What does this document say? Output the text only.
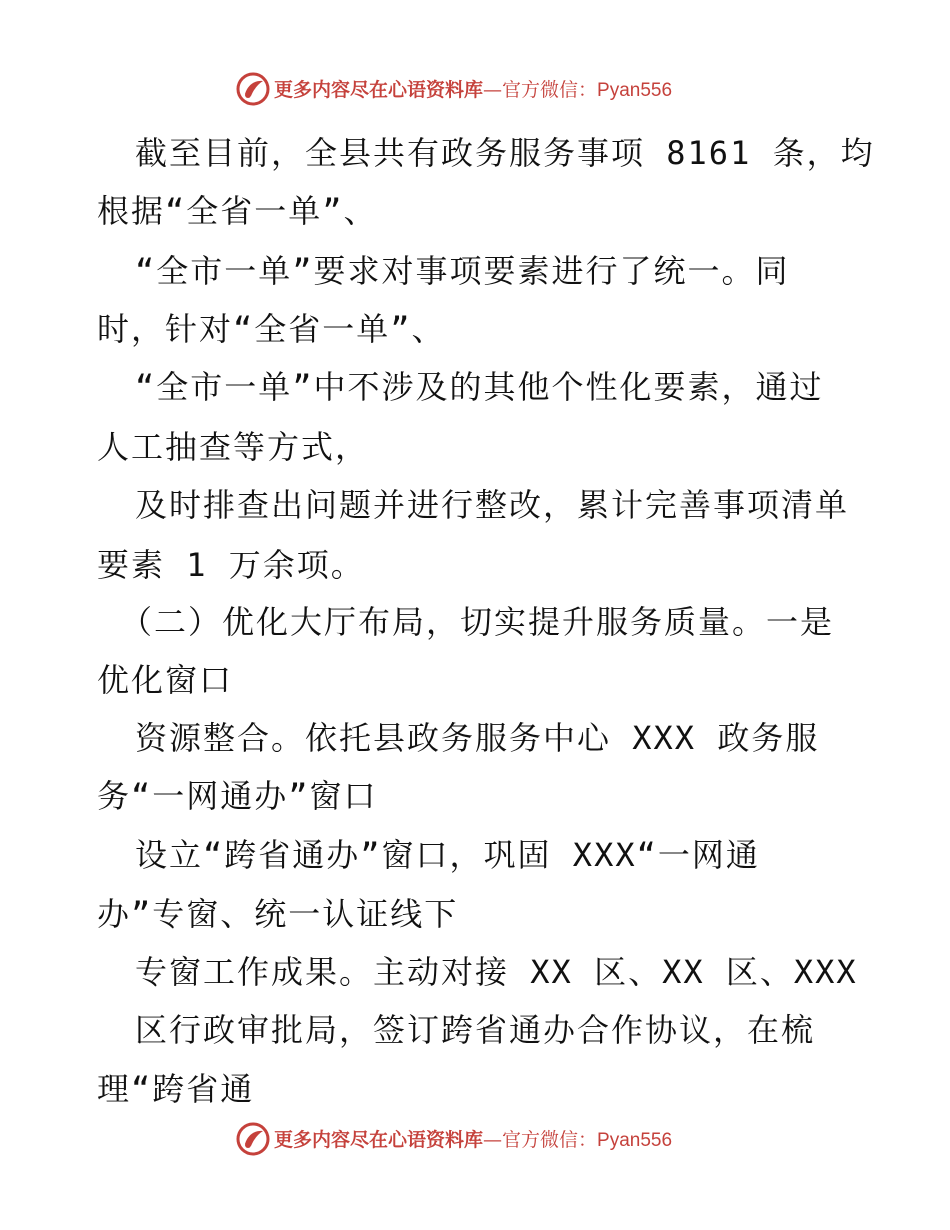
更多内容尽在心语资料库—官方微信：Pyan556

截至目前，全县共有政务服务事项 8161 条，均

根据“全省一单”、

“全市一单”要求对事项要素进行了统一。同

时，针对“全省一单”、

“全市一单”中不涉及的其他个性化要素，通过

人工抽查等方式，

及时排查出问题并进行整改，累计完善事项清单

要素 1 万余项。

（二）优化大厅布局，切实提升服务质量。一是

优化窗口

资源整合。依托县政务服务中心 XXX 政务服

务“一网通办”窗口

设立“跨省通办”窗口，巩固 XXX“一网通

办”专窗、统一认证线下

专窗工作成果。主动对接 XX 区、XX 区、XXX

区行政审批局，签订跨省通办合作协议，在梳

理“跨省通

更多内容尽在心语资料库—官方微信：Pyan556
